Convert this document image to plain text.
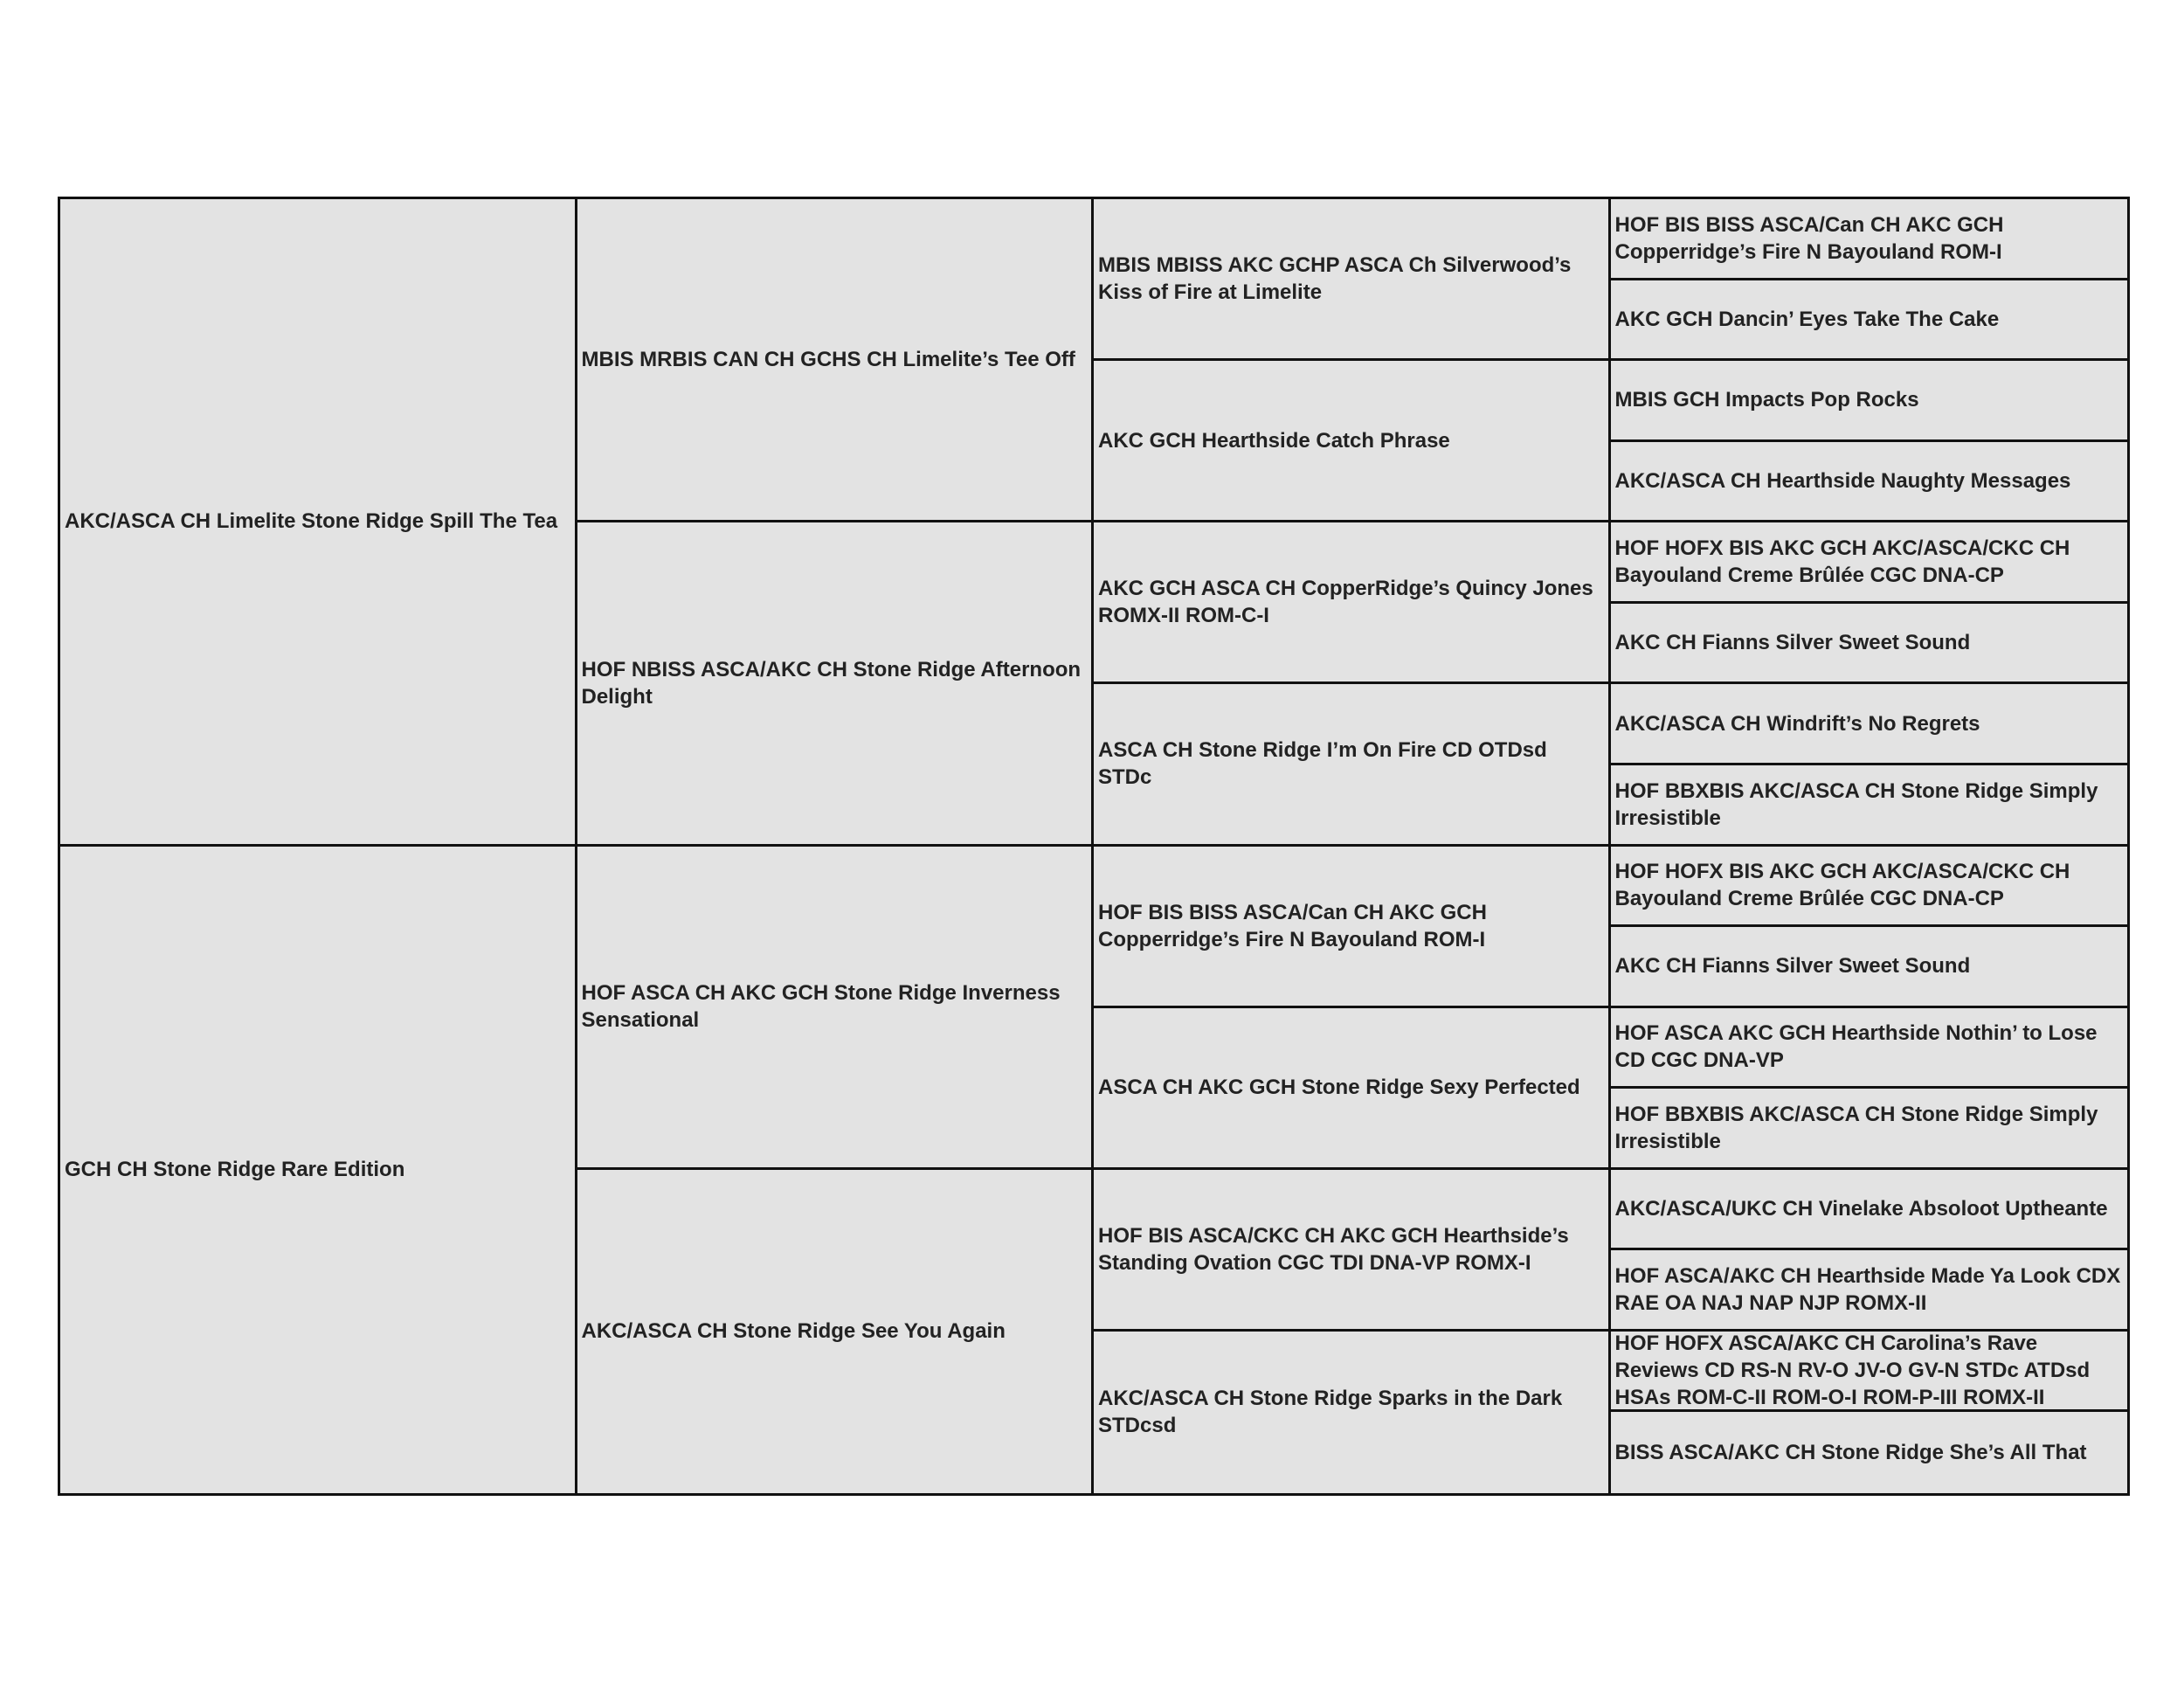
AKC/ASCA CH Limelite Stone Ridge Spill The Tea
GCH CH Stone Ridge Rare Edition
MBIS MRBIS CAN CH GCHS CH Limelite’s Tee Off
HOF NBISS ASCA/AKC CH Stone Ridge Afternoon Delight
HOF ASCA CH AKC GCH Stone Ridge Inverness Sensational
AKC/ASCA CH Stone Ridge See You Again
MBIS MBISS AKC GCHP ASCA Ch Silverwood’s Kiss of Fire at Limelite
AKC GCH Hearthside Catch Phrase
AKC GCH ASCA CH CopperRidge’s Quincy Jones ROMX-II ROM-C-I
ASCA CH Stone Ridge I’m On Fire CD OTDsd STDc
HOF BIS BISS ASCA/Can CH AKC GCH Copperridge’s Fire N Bayouland ROM-I
ASCA CH AKC GCH Stone Ridge Sexy Perfected
HOF BIS ASCA/CKC CH AKC GCH Hearthside’s Standing Ovation CGC TDI DNA-VP ROMX-I
AKC/ASCA CH Stone Ridge Sparks in the Dark STDcsd
HOF BIS BISS ASCA/Can CH AKC GCH Copperridge’s Fire N Bayouland ROM-I
AKC GCH Dancin’ Eyes Take The Cake
MBIS GCH Impacts Pop Rocks
AKC/ASCA CH Hearthside Naughty Messages
HOF HOFX BIS AKC GCH AKC/ASCA/CKC CH Bayouland Creme Brûlée CGC DNA-CP
AKC CH Fianns Silver Sweet Sound
AKC/ASCA CH Windrift’s No Regrets
HOF BBXBIS AKC/ASCA CH Stone Ridge Simply Irresistible
HOF HOFX BIS AKC GCH AKC/ASCA/CKC CH Bayouland Creme Brûlée CGC DNA-CP
AKC CH Fianns Silver Sweet Sound
HOF ASCA AKC GCH Hearthside Nothin’ to Lose CD CGC DNA-VP
HOF BBXBIS AKC/ASCA CH Stone Ridge Simply Irresistible
AKC/ASCA/UKC CH Vinelake Absoloot Uptheante
HOF ASCA/AKC CH Hearthside Made Ya Look CDX RAE OA NAJ NAP NJP ROMX-II
HOF HOFX ASCA/AKC CH Carolina’s Rave Reviews CD RS-N RV-O JV-O GV-N STDc ATDsd HSAs ROM-C-II ROM-O-I ROM-P-III ROMX-II
BISS ASCA/AKC CH Stone Ridge She’s All That
